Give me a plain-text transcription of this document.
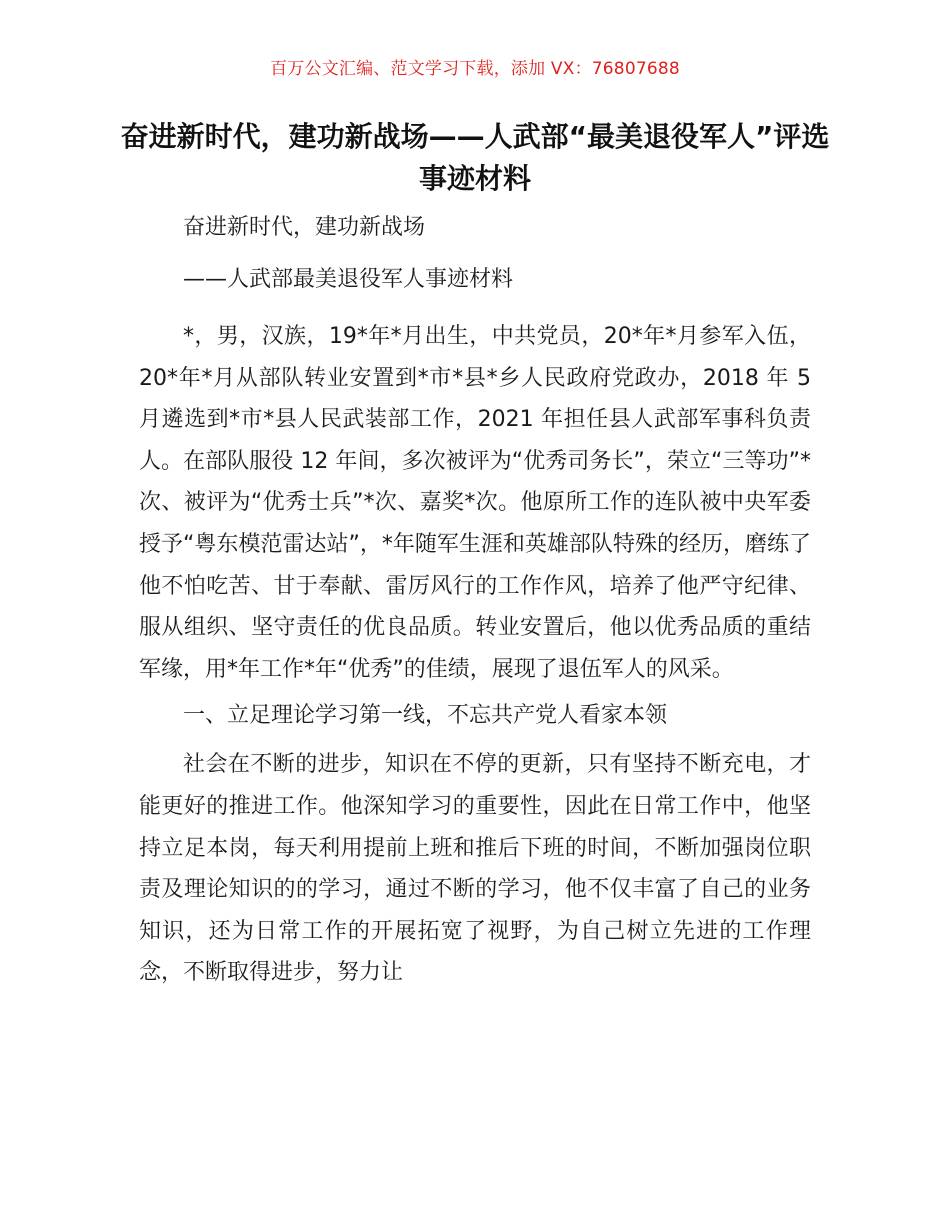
百万公文汇编、范文学习下载，添加 VX：76807688
奋进新时代，建功新战场——人武部“最美退役军人”评选事迹材料

奋进新时代，建功新战场

——人武部最美退役军人事迹材料

*，男，汉族，19*年*月出生，中共党员，20*年*月参军入伍，20*年*月从部队转业安置到*市*县*乡人民政府党政办，2018 年 5 月遴选到*市*县人民武装部工作，2021 年担任县人武部军事科负责人。在部队服役 12 年间，多次被评为“优秀司务长”，荣立“三等功”*次、被评为“优秀士兵”*次、嘉奖*次。他原所工作的连队被中央军委授予“粤东模范雷达站”，*年随军生涯和英雄部队特殊的经历，磨练了他不怕吃苦、甘于奉献、雷厉风行的工作作风，培养了他严守纪律、服从组织、坚守责任的优良品质。转业安置后，他以优秀品质的重结军缘，用*年工作*年“优秀”的佳绩，展现了退伍军人的风采。

一、立足理论学习第一线，不忘共产党人看家本领

社会在不断的进步，知识在不停的更新，只有坚持不断充电，才能更好的推进工作。他深知学习的重要性，因此在日常工作中，他坚持立足本岗，每天利用提前上班和推后下班的时间，不断加强岗位职责及理论知识的的学习，通过不断的学习，他不仅丰富了自己的业务知识，还为日常工作的开展拓宽了视野，为自己树立先进的工作理念，不断取得进步，努力让
